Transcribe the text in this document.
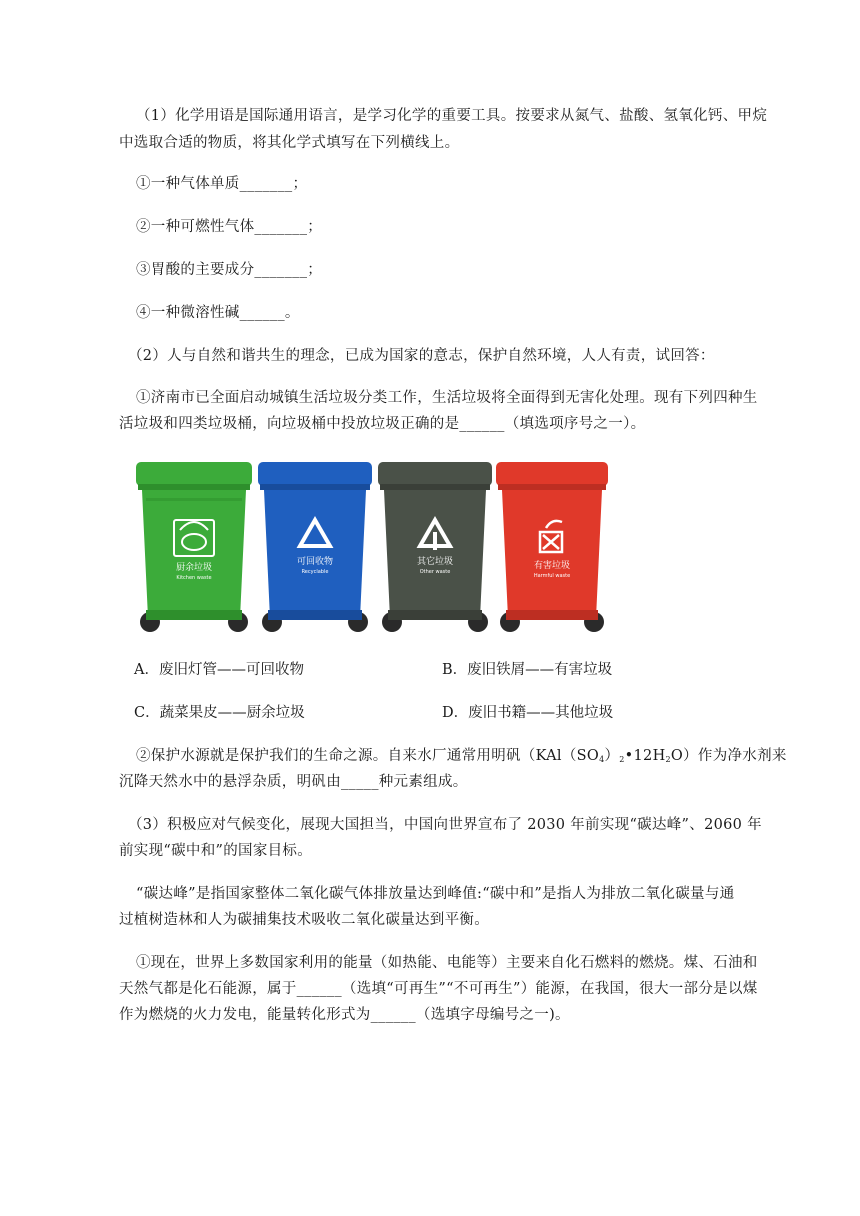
（1）化学用语是国际通用语言，是学习化学的重要工具。按要求从氮气、盐酸、氢氧化钙、甲烷
中选取合适的物质，将其化学式填写在下列横线上。
①一种气体单质_______；
②一种可燃性气体_______；
③胃酸的主要成分_______；
④一种微溶性碱______。
（2）人与自然和谐共生的理念，已成为国家的意志，保护自然环境，人人有责，试回答：
①济南市已全面启动城镇生活垃圾分类工作，生活垃圾将全面得到无害化处理。现有下列四种生
活垃圾和四类垃圾桶，向垃圾桶中投放垃圾正确的是______（填选项序号之一）。
厨余垃圾
Kitchen waste
可回收物
Recyclable
其它垃圾
Other waste
有害垃圾
Harmful waste
A．废旧灯管——可回收物	B．废旧铁屑——有害垃圾
C．蔬菜果皮——厨余垃圾	D．废旧书籍——其他垃圾
②保护水源就是保护我们的生命之源。自来水厂通常用明矾$(KAl(SO_4)_2•12H_2O)$作为净水剂来
沉降天然水中的悬浮杂质，明矾由_____种元素组成。
（3）积极应对气候变化，展现大国担当，中国向世界宣布了 2030 年前实现“碳达峰”、2060 年
前实现“碳中和”的国家目标。
“碳达峰”是指国家整体二氧化碳气体排放量达到峰值:“碳中和”是指人为排放二氧化碳量与通
过植树造林和人为碳捕集技术吸收二氧化碳量达到平衡。
①现在，世界上多数国家利用的能量（如热能、电能等）主要来自化石燃料的燃烧。煤、石油和
天然气都是化石能源，属于______（选填“可再生”“不可再生”）能源，在我国，很大一部分是以煤
作为燃烧的火力发电，能量转化形式为______（选填字母编号之一)。
